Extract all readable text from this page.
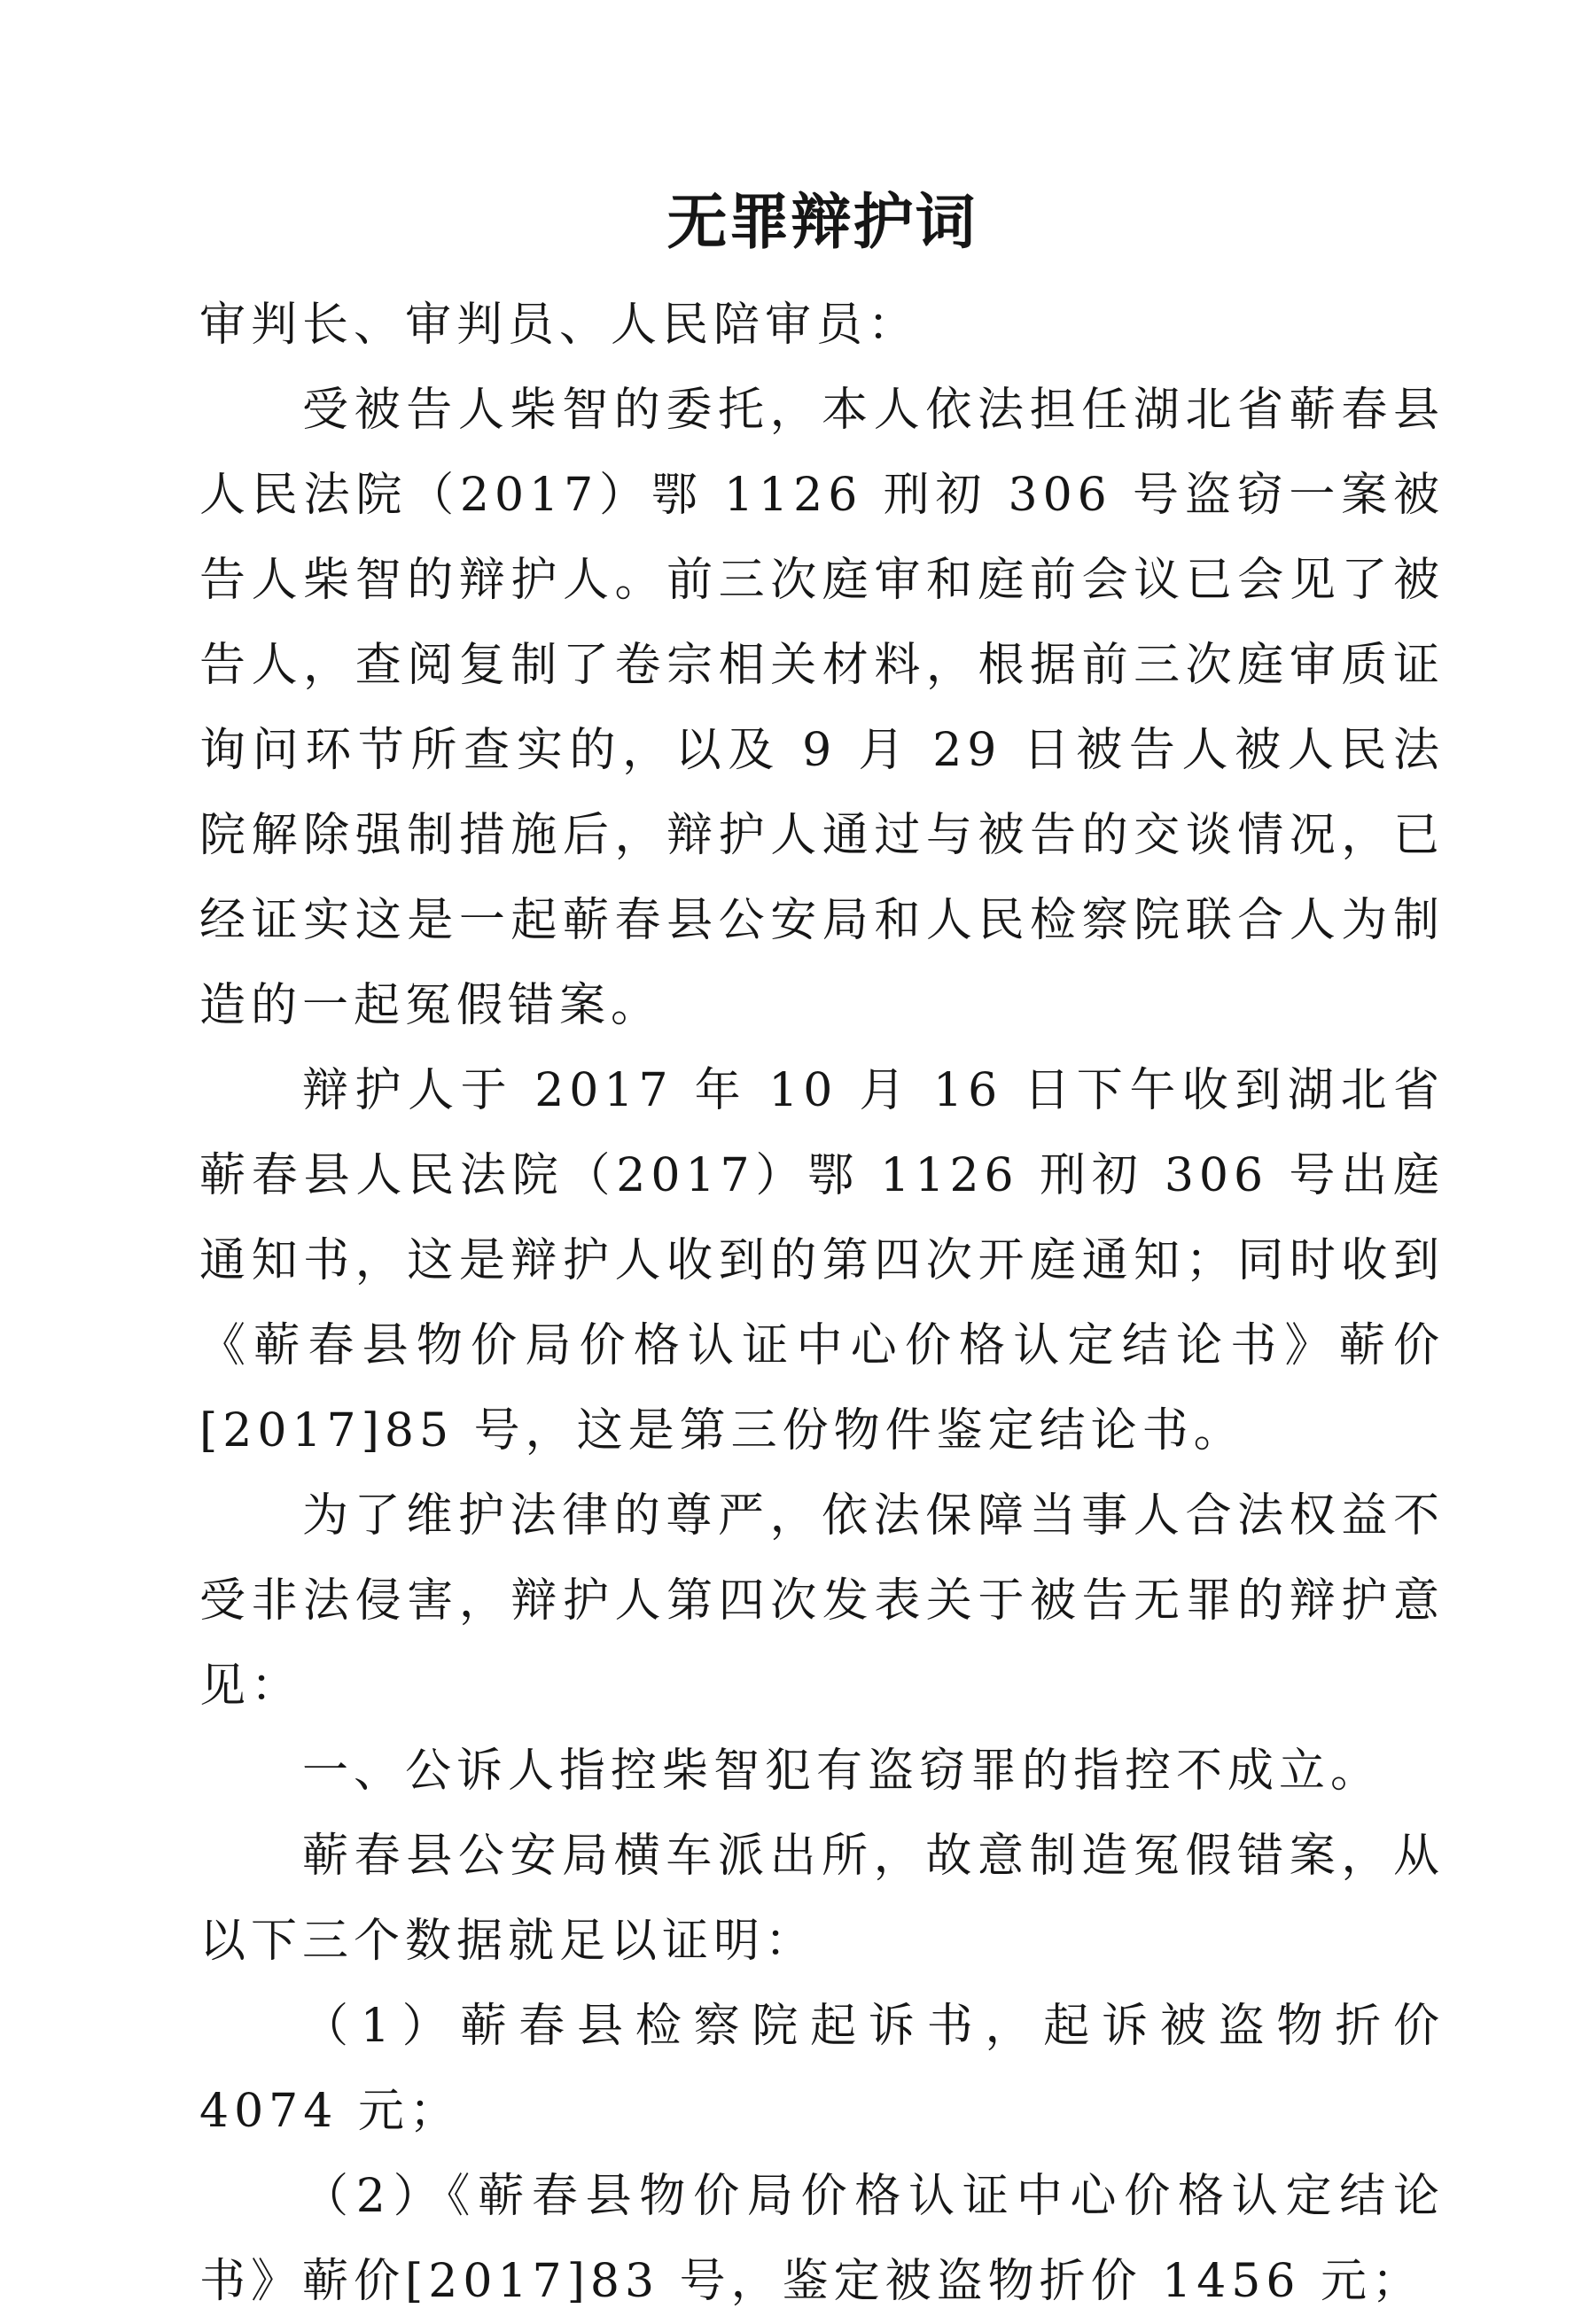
无罪辩护词

审判长、审判员、人民陪审员：

受被告人柴智的委托，本人依法担任湖北省蕲春县人民法院（2017）鄂 1126 刑初 306 号盗窃一案被告人柴智的辩护人。前三次庭审和庭前会议已会见了被告人，查阅复制了卷宗相关材料，根据前三次庭审质证询问环节所查实的，以及 9 月 29 日被告人被人民法院解除强制措施后，辩护人通过与被告的交谈情况，已经证实这是一起蕲春县公安局和人民检察院联合人为制造的一起冤假错案。

辩护人于 2017 年 10 月 16 日下午收到湖北省蕲春县人民法院（2017）鄂 1126 刑初 306 号出庭通知书，这是辩护人收到的第四次开庭通知；同时收到《蕲春县物价局价格认证中心价格认定结论书》蕲价[2017]85 号，这是第三份物件鉴定结论书。

为了维护法律的尊严，依法保障当事人合法权益不受非法侵害，辩护人第四次发表关于被告无罪的辩护意见：

一、公诉人指控柴智犯有盗窃罪的指控不成立。

蕲春县公安局横车派出所，故意制造冤假错案，从以下三个数据就足以证明：

（1）蕲春县检察院起诉书，起诉被盗物折价 4074 元；

（2）《蕲春县物价局价格认证中心价格认定结论书》蕲价[2017]83 号，鉴定被盗物折价 1456 元；
